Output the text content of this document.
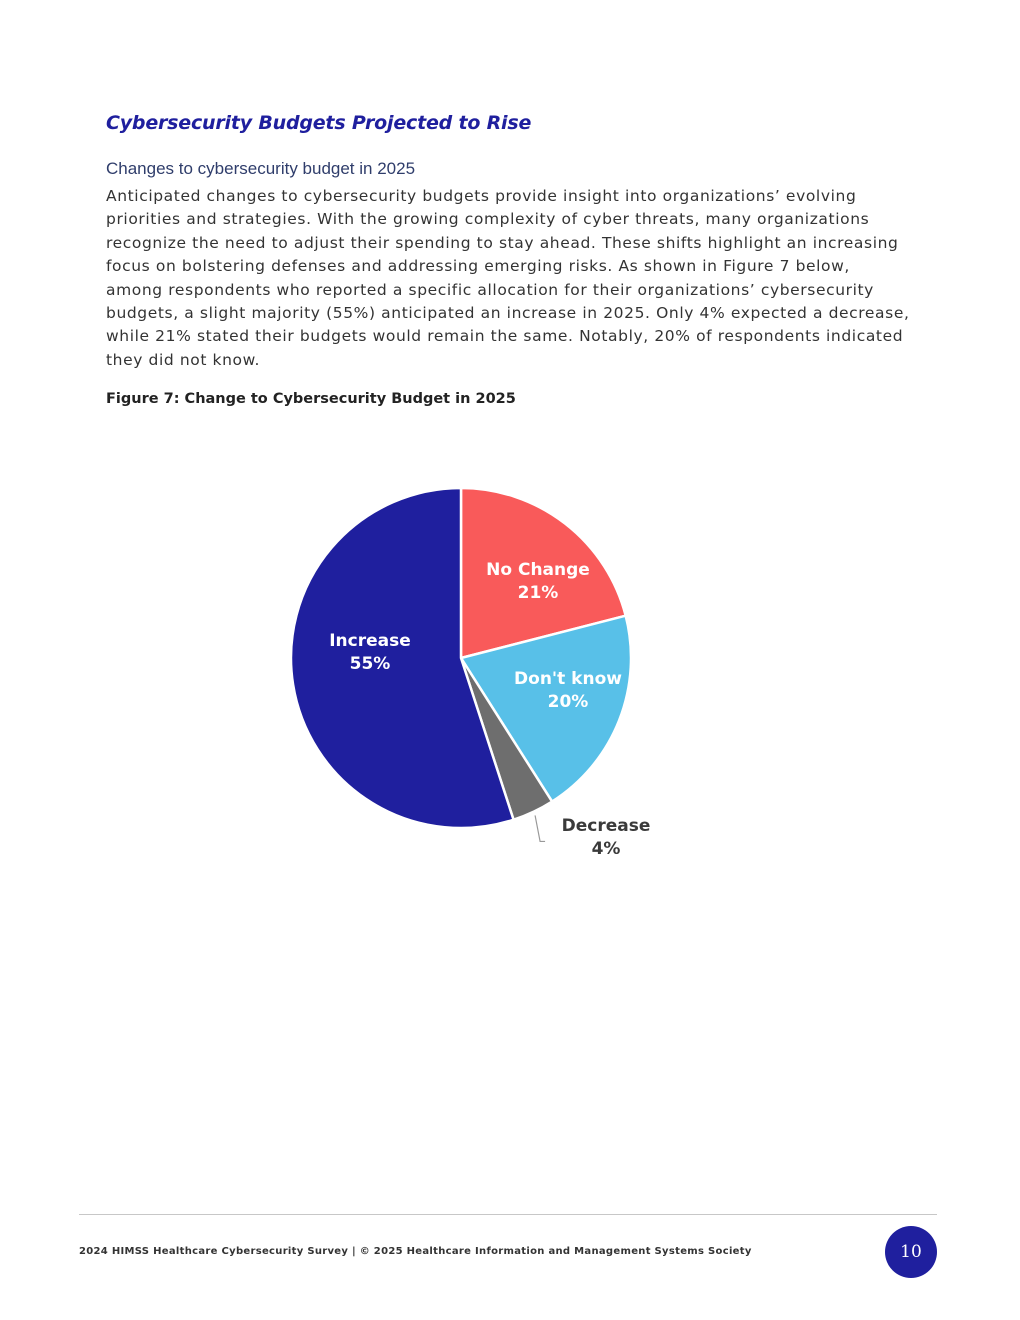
Cybersecurity Budgets Projected to Rise
Changes to cybersecurity budget in 2025

Anticipated changes to cybersecurity budgets provide insight into organizations’ evolving priorities and strategies. With the growing complexity of cyber threats, many organizations recognize the need to adjust their spending to stay ahead. These shifts highlight an increasing focus on bolstering defenses and addressing emerging risks. As shown in Figure 7 below, among respondents who reported a specific allocation for their organizations’ cybersecurity budgets, a slight majority (55%) anticipated an increase in 2025. Only 4% expected a decrease, while 21% stated their budgets would remain the same. Notably, 20% of respondents indicated they did not know.

Figure 7: Change to Cybersecurity Budget in 2025

No Change
21%
Don't know
20%
Decrease
4%
Increase
55%
2024 HIMSS Healthcare Cybersecurity Survey | © 2025 Healthcare Information and Management Systems Society	10
